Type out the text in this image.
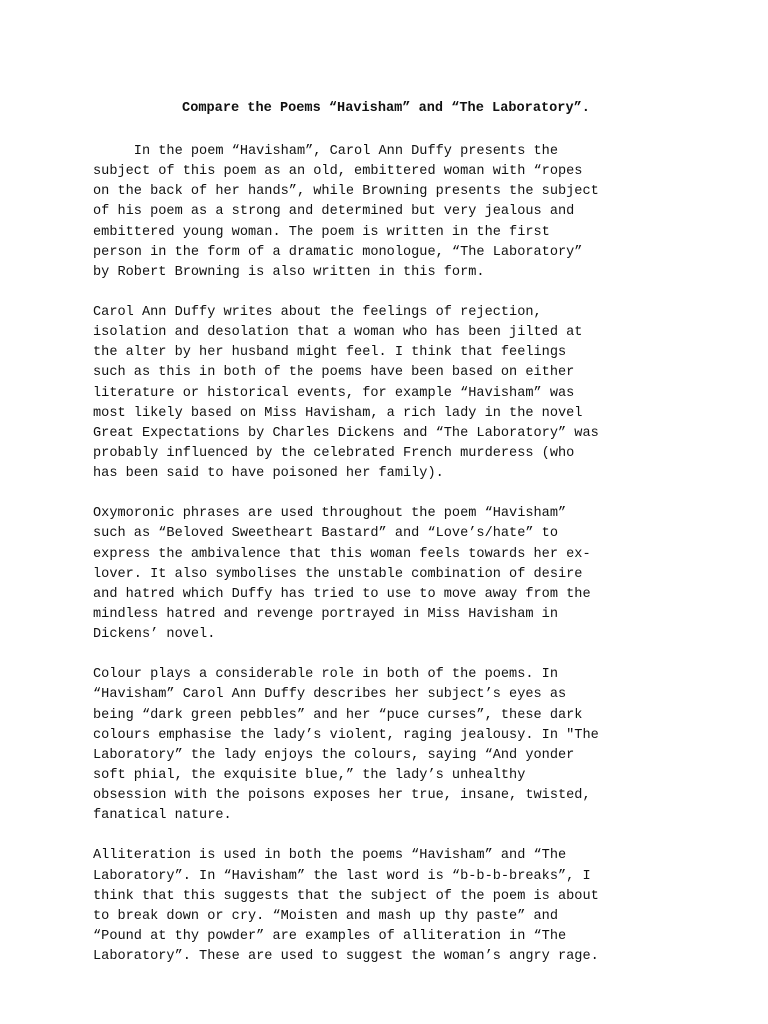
Compare the Poems “Havisham” and “The Laboratory”.
In the poem “Havisham”, Carol Ann Duffy presents the
subject of this poem as an old, embittered woman with “ropes
on the back of her hands”, while Browning presents the subject
of his poem as a strong and determined but very jealous and
embittered young woman. The poem is written in the first
person in the form of a dramatic monologue, “The Laboratory”
by Robert Browning is also written in this form.
Carol Ann Duffy writes about the feelings of rejection,
isolation and desolation that a woman who has been jilted at
the alter by her husband might feel. I think that feelings
such as this in both of the poems have been based on either
literature or historical events, for example “Havisham” was
most likely based on Miss Havisham, a rich lady in the novel
Great Expectations by Charles Dickens and “The Laboratory” was
probably influenced by the celebrated French murderess (who
has been said to have poisoned her family).
Oxymoronic phrases are used throughout the poem “Havisham”
such as “Beloved Sweetheart Bastard” and “Love’s/hate” to
express the ambivalence that this woman feels towards her ex-
lover. It also symbolises the unstable combination of desire
and hatred which Duffy has tried to use to move away from the
mindless hatred and revenge portrayed in Miss Havisham in
Dickens’ novel.
Colour plays a considerable role in both of the poems. In
“Havisham” Carol Ann Duffy describes her subject’s eyes as
being “dark green pebbles” and her “puce curses”, these dark
colours emphasise the lady’s violent, raging jealousy. In "The
Laboratory” the lady enjoys the colours, saying “And yonder
soft phial, the exquisite blue,” the lady’s unhealthy
obsession with the poisons exposes her true, insane, twisted,
fanatical nature.
Alliteration is used in both the poems “Havisham” and “The
Laboratory”. In “Havisham” the last word is “b-b-b-breaks”, I
think that this suggests that the subject of the poem is about
to break down or cry. “Moisten and mash up thy paste” and
“Pound at thy powder” are examples of alliteration in “The
Laboratory”. These are used to suggest the woman’s angry rage.
